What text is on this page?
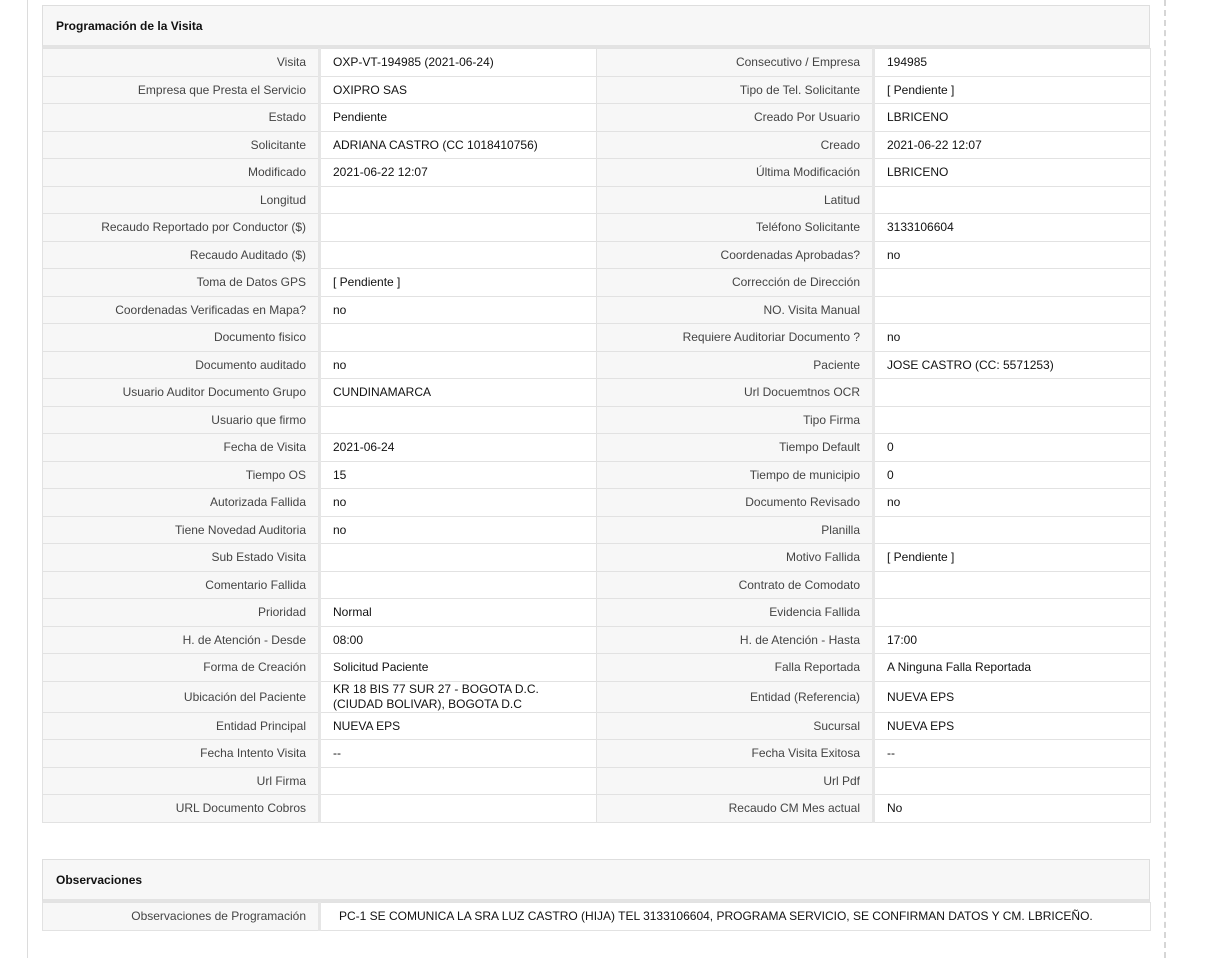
Programación de la Visita
Visita	OXP-VT-194985 (2021-06-24)	Consecutivo / Empresa	194985
Empresa que Presta el Servicio	OXIPRO SAS	Tipo de Tel. Solicitante	[ Pendiente ]
Estado	Pendiente	Creado Por Usuario	LBRICENO
Solicitante	ADRIANA CASTRO (CC 1018410756)	Creado	2021-06-22 12:07
Modificado	2021-06-22 12:07	Última Modificación	LBRICENO
Longitud		Latitud	
Recaudo Reportado por Conductor ($)		Teléfono Solicitante	3133106604
Recaudo Auditado ($)		Coordenadas Aprobadas?	no
Toma de Datos GPS	[ Pendiente ]	Corrección de Dirección	
Coordenadas Verificadas en Mapa?	no	NO. Visita Manual	
Documento fisico		Requiere Auditoriar Documento ?	no
Documento auditado	no	Paciente	JOSE CASTRO (CC: 5571253)
Usuario Auditor Documento Grupo	CUNDINAMARCA	Url Docuemtnos OCR	
Usuario que firmo		Tipo Firma	
Fecha de Visita	2021-06-24	Tiempo Default	0
Tiempo OS	15	Tiempo de municipio	0
Autorizada Fallida	no	Documento Revisado	no
Tiene Novedad Auditoria	no	Planilla	
Sub Estado Visita		Motivo Fallida	[ Pendiente ]
Comentario Fallida		Contrato de Comodato	
Prioridad	Normal	Evidencia Fallida	
H. de Atención - Desde	08:00	H. de Atención - Hasta	17:00
Forma de Creación	Solicitud Paciente	Falla Reportada	A Ninguna Falla Reportada
Ubicación del Paciente	KR 18 BIS 77 SUR 27 - BOGOTA D.C. (CIUDAD BOLIVAR), BOGOTA D.C	Entidad (Referencia)	NUEVA EPS
Entidad Principal	NUEVA EPS	Sucursal	NUEVA EPS
Fecha Intento Visita	--	Fecha Visita Exitosa	--
Url Firma		Url Pdf	
URL Documento Cobros		Recaudo CM Mes actual	No
Observaciones
Observaciones de Programación	PC-1 SE COMUNICA LA SRA LUZ CASTRO (HIJA) TEL 3133106604, PROGRAMA SERVICIO, SE CONFIRMAN DATOS Y CM. LBRICEÑO.
